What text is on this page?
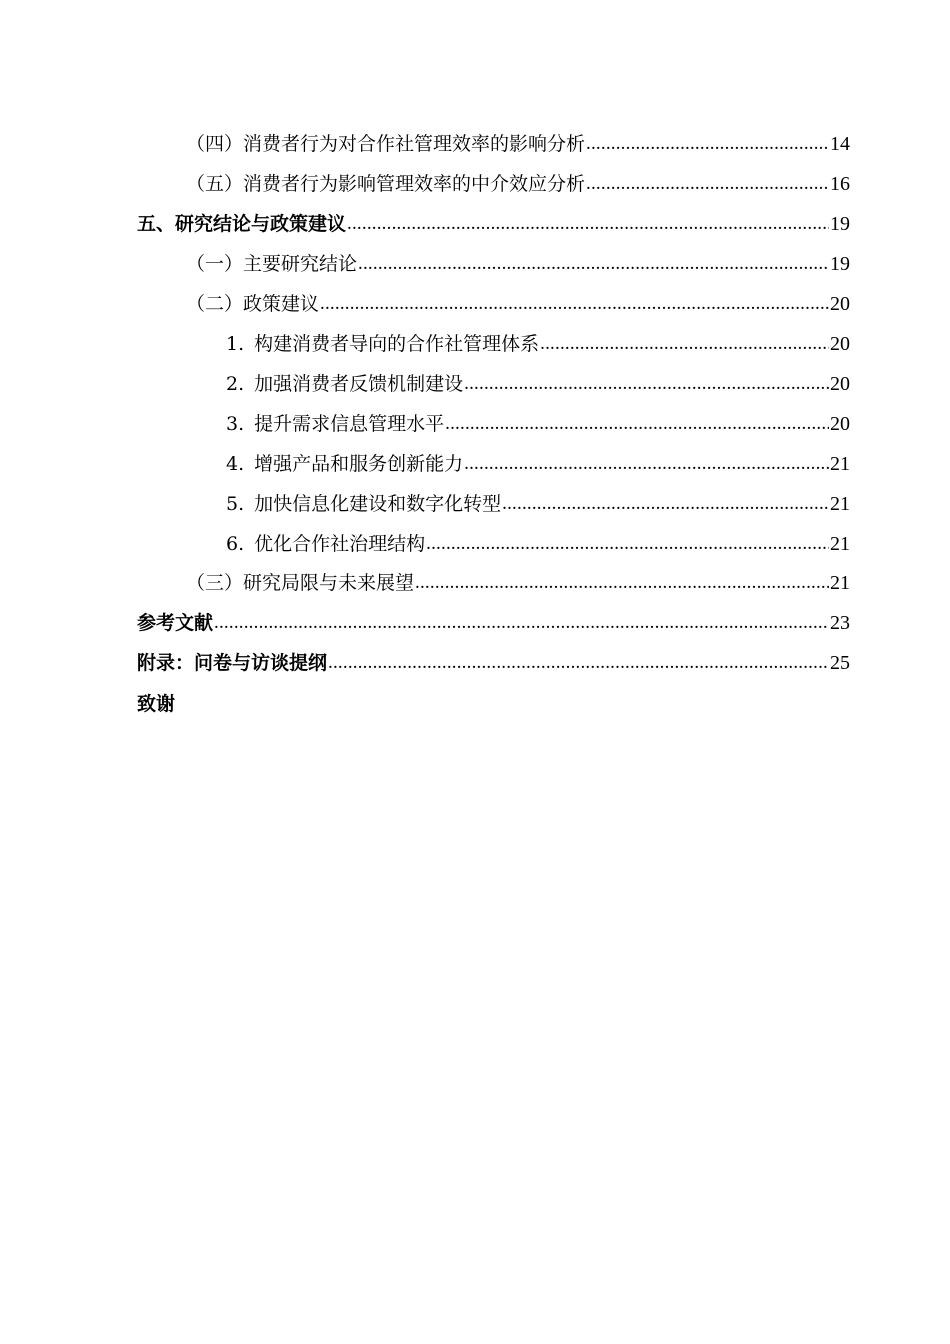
（四）消费者行为对合作社管理效率的影响分析 .....	14
（五）消费者行为影响管理效率的中介效应分析 .....	16
五、研究结论与政策建议 .....	19
（一）主要研究结论 .....	19
（二）政策建议 .....	20
1. 构建消费者导向的合作社管理体系 .....	20
2. 加强消费者反馈机制建设 .....	20
3. 提升需求信息管理水平 .....	20
4. 增强产品和服务创新能力 .....	21
5. 加快信息化建设和数字化转型 .....	21
6. 优化合作社治理结构 .....	21
（三）研究局限与未来展望 .....	21
参考文献 .....	23
附录：问卷与访谈提纲 .....	25
致谢
